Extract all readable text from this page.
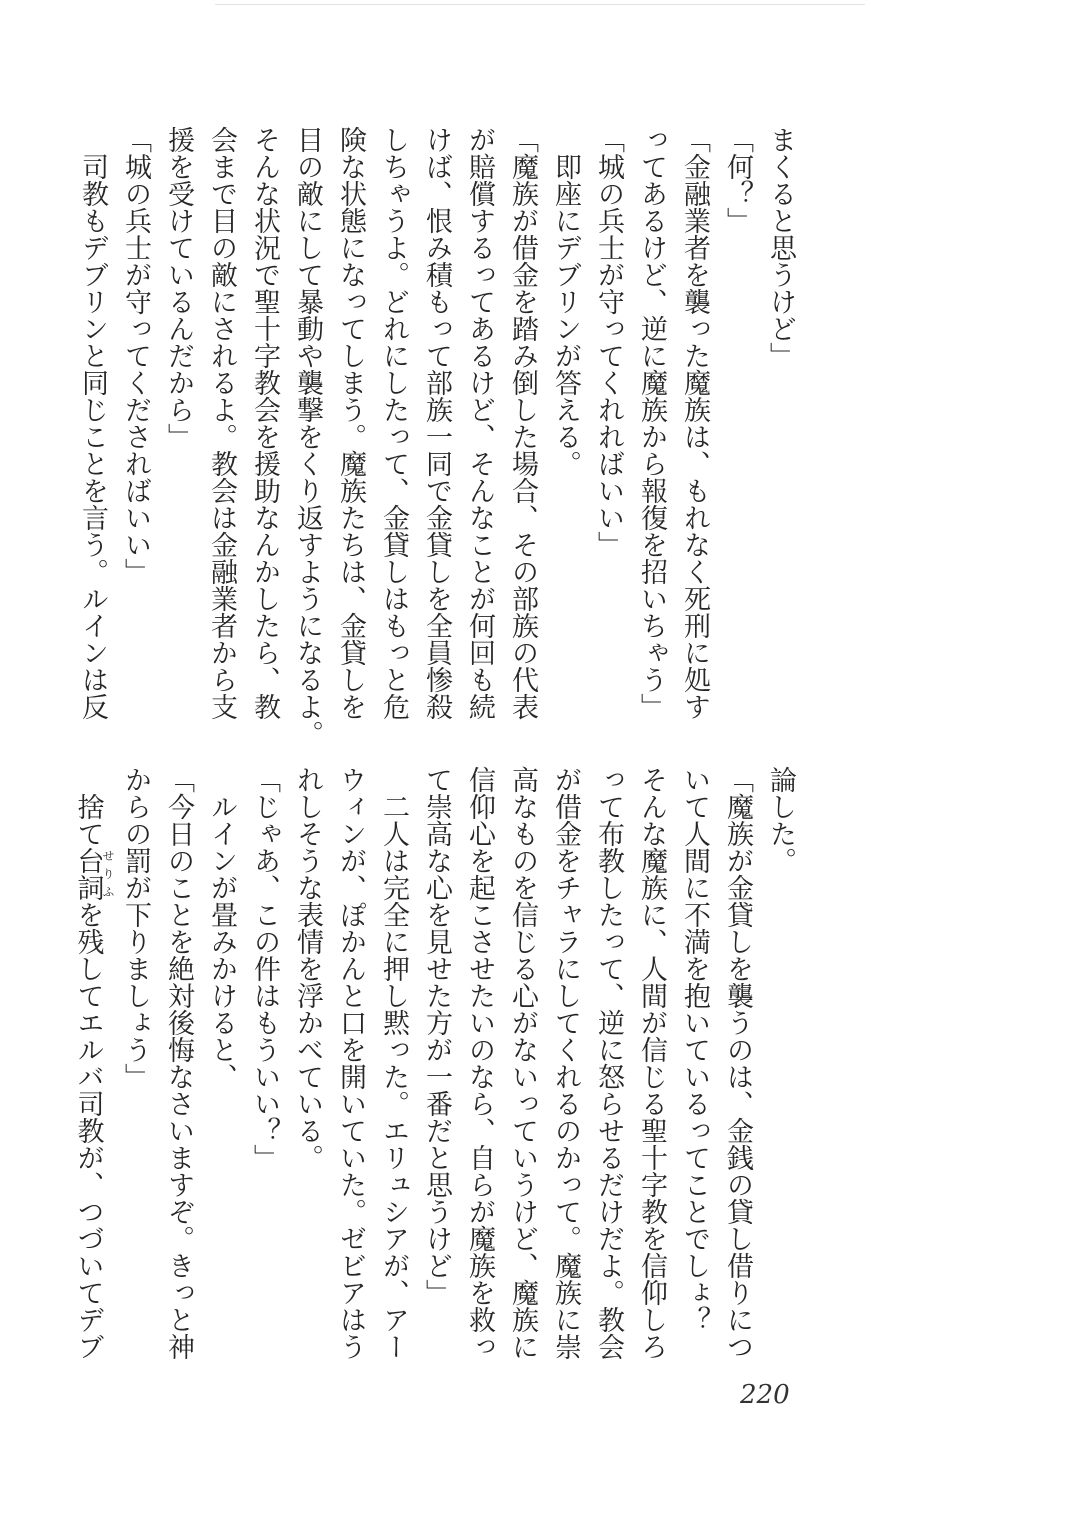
まくると思うけど」
「何？」
「金融業者を襲った魔族は、もれなく死刑に処す
ってあるけど、逆に魔族から報復を招いちゃう」
「城の兵士が守ってくれればいい」
　即座にデブリンが答える。
「魔族が借金を踏み倒した場合、その部族の代表
が賠償するってあるけど、そんなことが何回も続
けば、恨み積もって部族一同で金貸しを全員惨殺
しちゃうよ。どれにしたって、金貸しはもっと危
険な状態になってしまう。魔族たちは、金貸しを
目の敵にして暴動や襲撃をくり返すようになるよ。
そんな状況で聖十字教会を援助なんかしたら、教
会まで目の敵にされるよ。教会は金融業者から支
援を受けているんだから」
「城の兵士が守ってくださればいい」
　司教もデブリンと同じことを言う。ルインは反
論した。
「魔族が金貸しを襲うのは、金銭の貸し借りにつ
いて人間に不満を抱いているってことでしょ？
そんな魔族に、人間が信じる聖十字教を信仰しろ
って布教したって、逆に怒らせるだけだよ。教会
が借金をチャラにしてくれるのかって。魔族に崇
高なものを信じる心がないっていうけど、魔族に
信仰心を起こさせたいのなら、自らが魔族を救っ
て崇高な心を見せた方が一番だと思うけど」
　二人は完全に押し黙った。エリュシアが、アー
ウィンが、ぽかんと口を開いていた。ゼビアはう
れしそうな表情を浮かべている。
「じゃあ、この件はもういい？」
　ルインが畳みかけると、
「今日のことを絶対後悔なさいますぞ。きっと神
からの罰が下りましょう」
　捨て台詞せりふを残してエルバ司教が、つづいてデブ
220
